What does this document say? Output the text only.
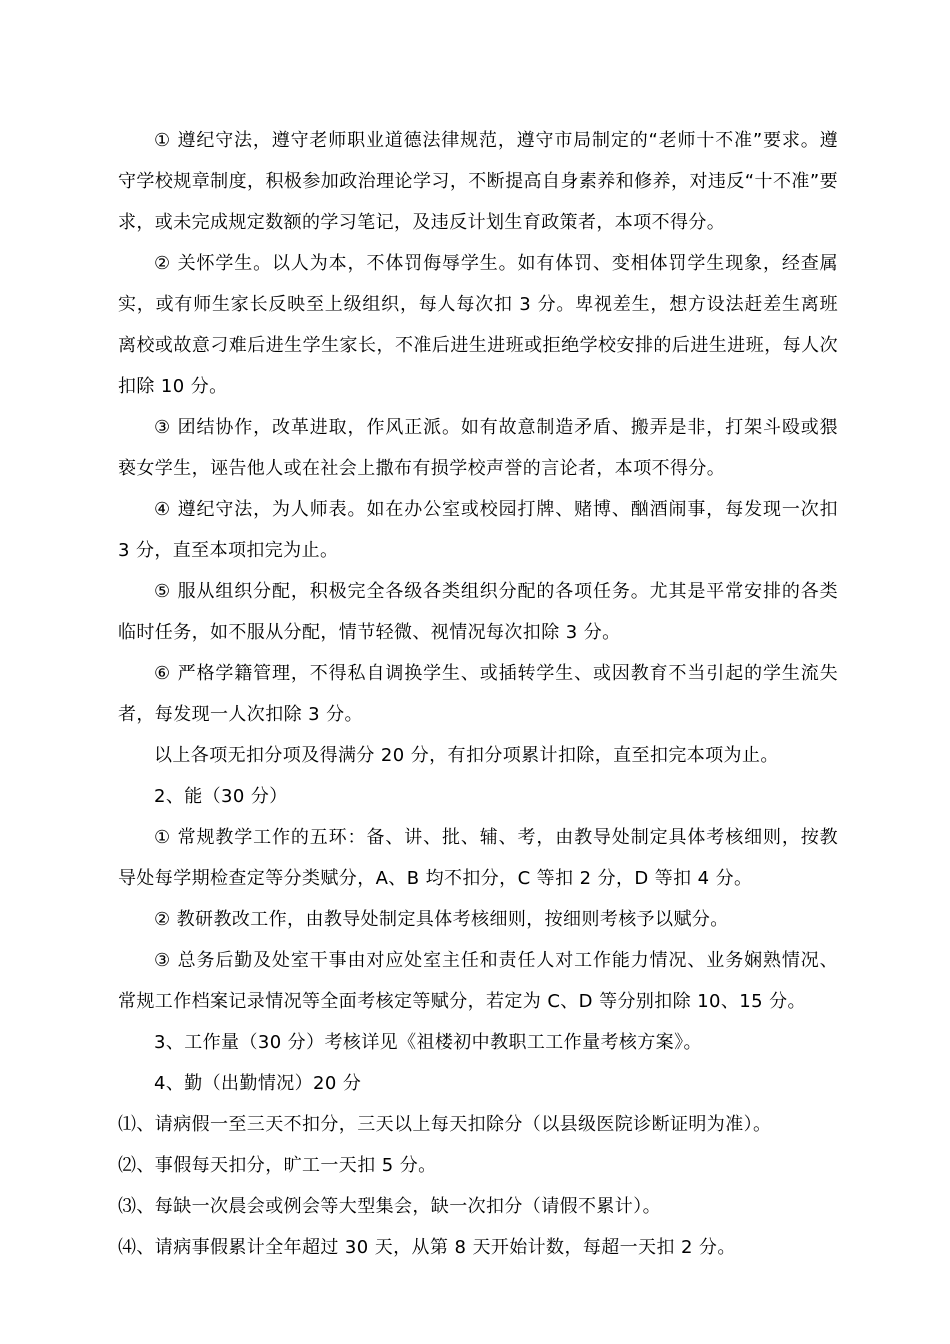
① 遵纪守法，遵守老师职业道德法律规范，遵守市局制定的“老师十不准”要求。遵守学校规章制度，积极参加政治理论学习，不断提高自身素养和修养，对违反“十不准”要求，或未完成规定数额的学习笔记，及违反计划生育政策者，本项不得分。

② 关怀学生。以人为本，不体罚侮辱学生。如有体罚、变相体罚学生现象，经查属实，或有师生家长反映至上级组织，每人每次扣 3 分。卑视差生，想方设法赶差生离班离校或故意刁难后进生学生家长，不准后进生进班或拒绝学校安排的后进生进班，每人次扣除 10 分。

③ 团结协作，改革进取，作风正派。如有故意制造矛盾、搬弄是非，打架斗殴或猥亵女学生，诬告他人或在社会上撒布有损学校声誉的言论者，本项不得分。

④ 遵纪守法，为人师表。如在办公室或校园打牌、赌博、酗酒闹事，每发现一次扣 3 分，直至本项扣完为止。

⑤ 服从组织分配，积极完全各级各类组织分配的各项任务。尤其是平常安排的各类临时任务，如不服从分配，情节轻微、视情况每次扣除 3 分。

⑥ 严格学籍管理，不得私自调换学生、或插转学生、或因教育不当引起的学生流失者，每发现一人次扣除 3 分。

以上各项无扣分项及得满分 20 分，有扣分项累计扣除，直至扣完本项为止。

2、能（30 分）

① 常规教学工作的五环：备、讲、批、辅、考，由教导处制定具体考核细则，按教导处每学期检查定等分类赋分，A、B 均不扣分，C 等扣 2 分，D 等扣 4 分。

② 教研教改工作，由教导处制定具体考核细则，按细则考核予以赋分。

③ 总务后勤及处室干事由对应处室主任和责任人对工作能力情况、业务娴熟情况、常规工作档案记录情况等全面考核定等赋分，若定为 C、D 等分别扣除 10、15 分。

3、工作量（30 分）考核详见《祖楼初中教职工工作量考核方案》。

4、勤（出勤情况）20 分

⑴、请病假一至三天不扣分，三天以上每天扣除分（以县级医院诊断证明为准）。

⑵、事假每天扣分，旷工一天扣 5 分。

⑶、每缺一次晨会或例会等大型集会，缺一次扣分（请假不累计）。

⑷、请病事假累计全年超过 30 天，从第 8 天开始计数，每超一天扣 2 分。
